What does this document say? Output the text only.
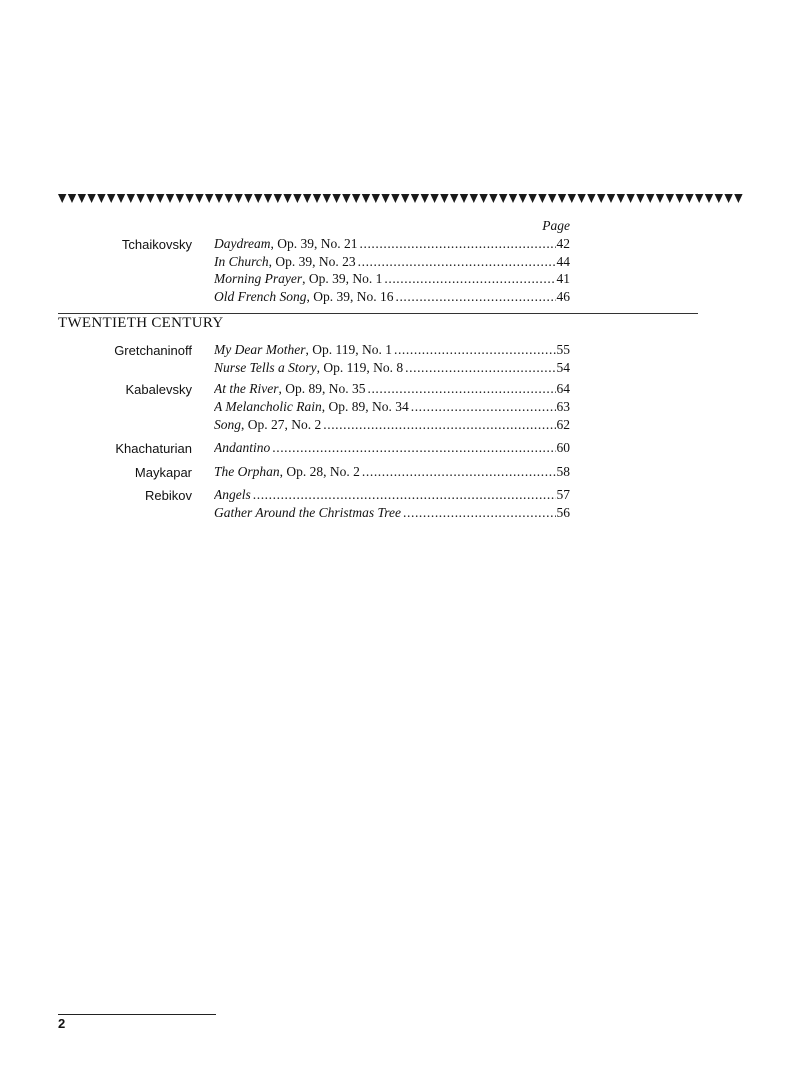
Page
Tchaikovsky Daydream , Op. 39, No. 21 .....	42
In Church , Op. 39, No. 23 .....	44
Morning Prayer , Op. 39, No. 1 .....	41
Old French Song , Op. 39, No. 16 .....	46
TWENTIETH CENTURY
Gretchaninoff My Dear Mother , Op. 119, No. 1 .....	55
Nurse Tells a Story , Op. 119, No. 8 .....	54
Kabalevsky At the River , Op. 89, No. 35 .....	64
A Melancholic Rain , Op. 89, No. 34 .....	63
Song , Op. 27, No. 2 .....	62
Khachaturian Andantino .....	60
Maykapar The Orphan , Op. 28, No. 2 .....	58
Rebikov Angels .....	57
Gather Around the Christmas Tree .....	56
2
